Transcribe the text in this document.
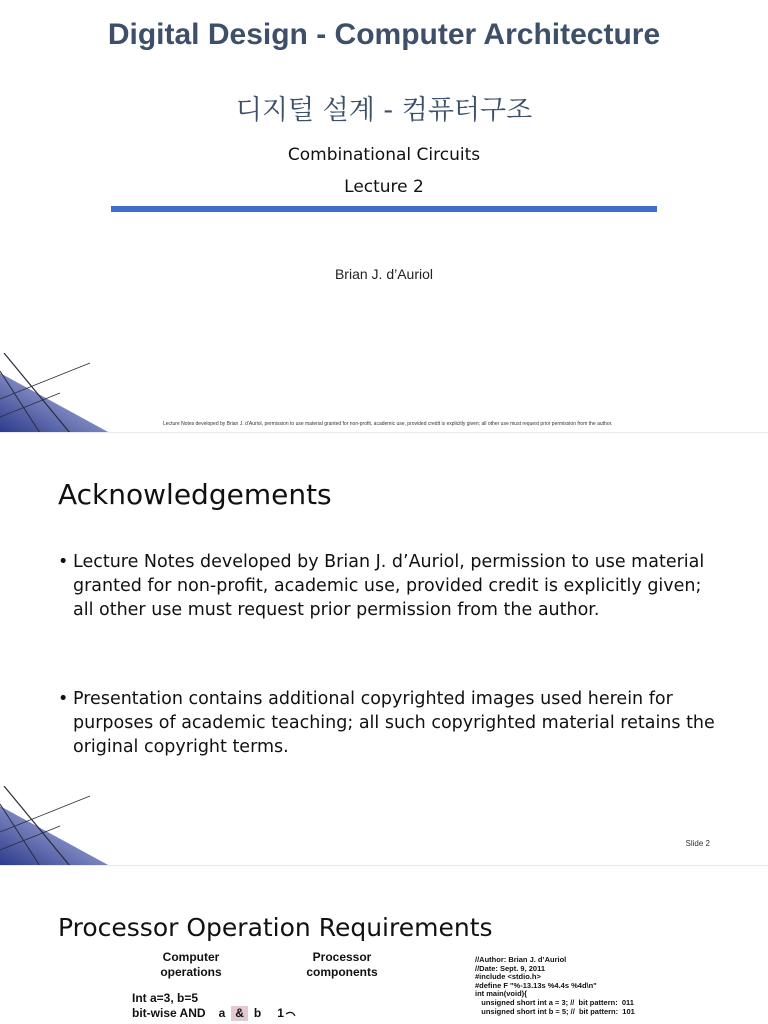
Digital Design - Computer Architecture
디지털 설계 - 컴퓨터구조
Combinational Circuits
Lecture 2
Brian J. d’Auriol
Lecture Notes developed by Brian J. d’Auriol, permission to use material granted for non-profit, academic use, provided credit is explicitly given; all other use must request prior permission from the author.
Acknowledgements
• Lecture Notes developed by Brian J. d’Auriol, permission to use material granted for non-profit, academic use, provided credit is explicitly given; all other use must request prior permission from the author.
• Presentation contains additional copyrighted images used herein for purposes of academic teaching; all such copyrighted material retains the original copyright terms.
Slide 2
Processor Operation Requirements
Computer operations
Processor components
Int a=3, b=5
bit-wise AND a & b 1
//Author: Brian J. d’Auriol
//Date: Sept. 9, 2011
#include <stdio.h>
#define F "%-13.13s %4.4s %4d\n"
int main(void){
unsigned short int a = 3; //  bit pattern:  011
unsigned short int b = 5; //  bit pattern:  101
